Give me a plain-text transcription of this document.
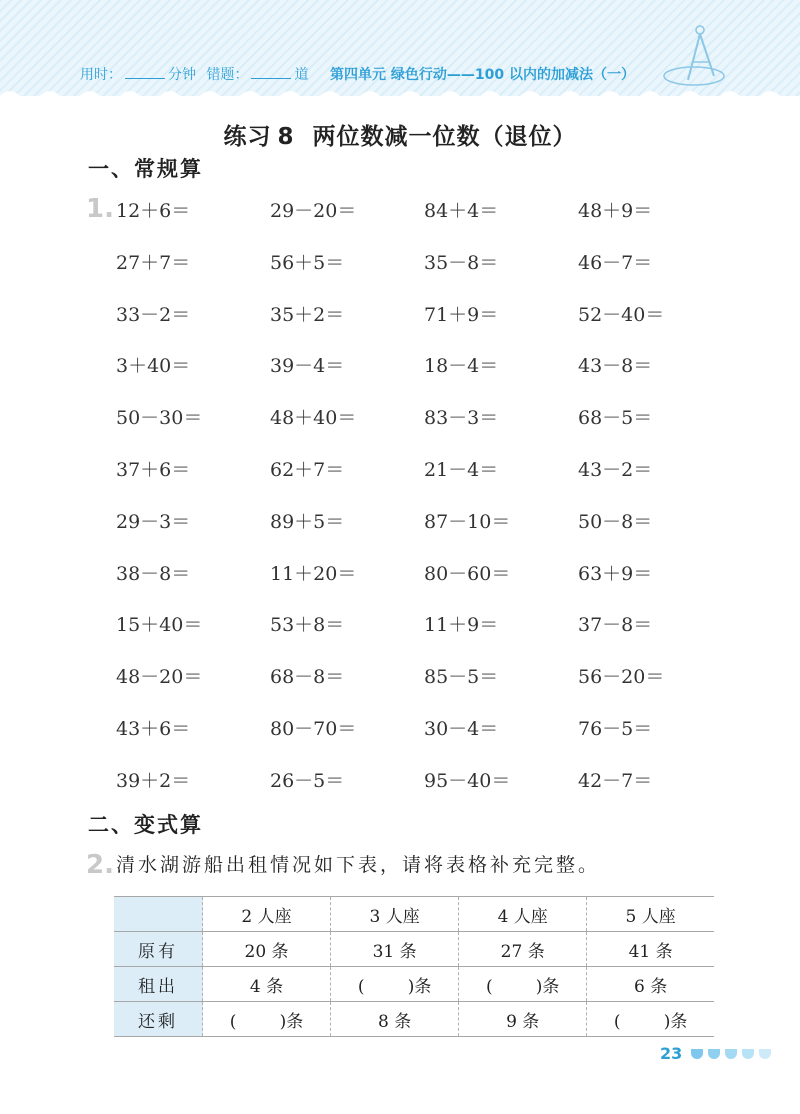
用时：	分钟 错题：	道 第四单元 绿色行动——100 以内的加减法（一）
练习 8 两位数减一位数（退位）
一、常规算
1. 12＋6＝	29－20＝	84＋4＝	48＋9＝
27＋7＝	56＋5＝	35－8＝	46－7＝
33－2＝	35＋2＝	71＋9＝	52－40＝
3＋40＝	39－4＝	18－4＝	43－8＝
50－30＝	48＋40＝	83－3＝	68－5＝
37＋6＝	62＋7＝	21－4＝	43－2＝
29－3＝	89＋5＝	87－10＝	50－8＝
38－8＝	11＋20＝	80－60＝	63＋9＝
15＋40＝	53＋8＝	11＋9＝	37－8＝
48－20＝	68－8＝	85－5＝	56－20＝
43＋6＝	80－70＝	30－4＝	76－5＝
39＋2＝	26－5＝	95－40＝	42－7＝
二、变式算
2. 清水湖游船出租情况如下表，请将表格补充完整。
	2 人座	3 人座	4 人座	5 人座
原有	20 条	31 条	27 条	41 条
租出	4 条	(        )条	(        )条	6 条
还剩	(        )条	8 条	9 条	(        )条
23
